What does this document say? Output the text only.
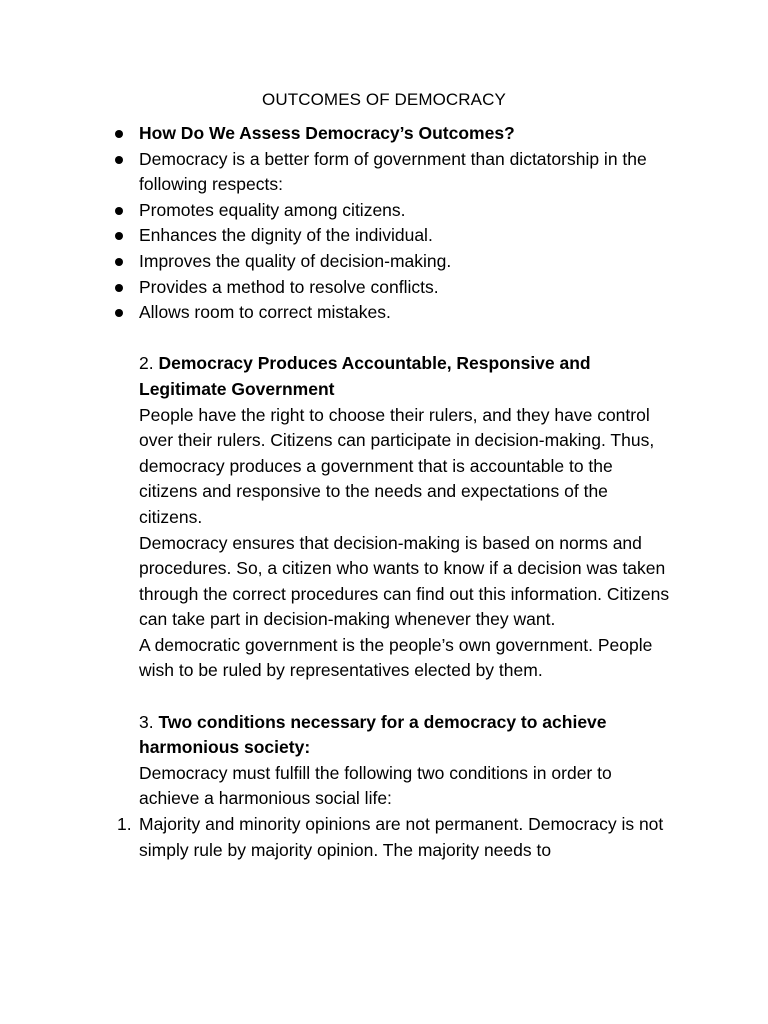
OUTCOMES OF DEMOCRACY
How Do We Assess Democracy’s Outcomes?
Democracy is a better form of government than dictatorship in the following respects:
Promotes equality among citizens.
Enhances the dignity of the individual.
Improves the quality of decision-making.
Provides a method to resolve conflicts.
Allows room to correct mistakes.

2. Democracy Produces Accountable, Responsive and Legitimate Government

People have the right to choose their rulers, and they have control over their rulers. Citizens can participate in decision-making. Thus, democracy produces a government that is accountable to the citizens and responsive to the needs and expectations of the citizens.

Democracy ensures that decision-making is based on norms and procedures. So, a citizen who wants to know if a decision was taken through the correct procedures can find out this information. Citizens can take part in decision-making whenever they want.

A democratic government is the people’s own government. People wish to be ruled by representatives elected by them.

3. Two conditions necessary for a democracy to achieve harmonious society:

Democracy must fulfill the following two conditions in order to achieve a harmonious social life:

1. Majority and minority opinions are not permanent. Democracy is not simply rule by majority opinion. The majority needs to
